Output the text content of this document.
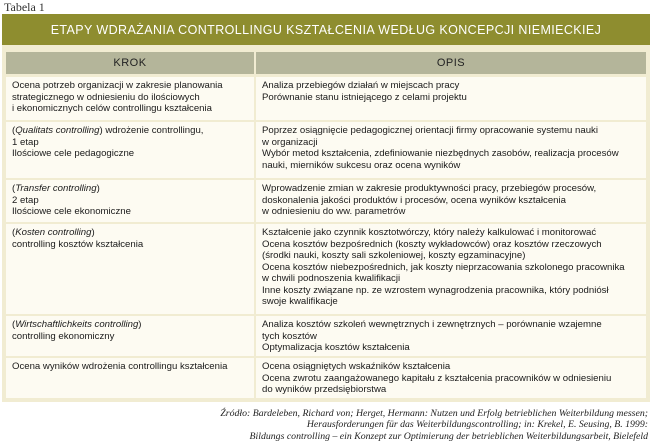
Tabela 1
ETAPY WDRAŻANIA CONTROLLINGU KSZTAŁCENIA WEDŁUG KONCEPCJI NIEMIECKIEJ
KROK	OPIS
Ocena potrzeb organizacji w zakresie planowania
strategicznego w odniesieniu do ilościowych
i ekonomicznych celów controllingu kształcenia
Analiza przebiegów działań w miejscach pracy
Porównanie stanu istniejącego z celami projektu
(Qualitats controlling) wdrożenie controllingu,
1 etap
Ilościowe cele pedagogiczne
Poprzez osiągnięcie pedagogicznej orientacji firmy opracowanie systemu nauki
w organizacji
Wybór metod kształcenia, zdefiniowanie niezbędnych zasobów, realizacja procesów
nauki, mierników sukcesu oraz ocena wyników
(Transfer controlling)
2 etap
Ilościowe cele ekonomiczne
Wprowadzenie zmian w zakresie produktywności pracy, przebiegów procesów,
doskonalenia jakości produktów i procesów, ocena wyników kształcenia
w odniesieniu do ww. parametrów
(Kosten controlling)
controlling kosztów kształcenia
Kształcenie jako czynnik kosztotwórczy, który należy kalkulować i monitorować
Ocena kosztów bezpośrednich (koszty wykładowców) oraz kosztów rzeczowych
(środki nauki, koszty sali szkoleniowej, koszty egzaminacyjne)
Ocena kosztów niebezpośrednich, jak koszty nieprzacowania szkolonego pracownika
w chwili podnoszenia kwalifikacji
Inne koszty związane np. ze wzrostem wynagrodzenia pracownika, który podniósł
swoje kwalifikacje
(Wirtschaftlichkeits controlling)
controlling ekonomiczny
Analiza kosztów szkoleń wewnętrznych i zewnętrznych – porównanie wzajemne
tych kosztów
Optymalizacja kosztów kształcenia
Ocena wyników wdrożenia controllingu kształcenia	Ocena osiągniętych wskaźników kształcenia
Ocena zwrotu zaangażowanego kapitału z kształcenia pracowników w odniesieniu
do wyników przedsiębiorstwa
Źródło: Bardeleben, Richard von; Herget, Hermann: Nutzen und Erfolg betrieblichen Weiterbildung messen;
Herausforderungen für das Weiterbildungscontrolling; in: Krekel, E. Seusing, B. 1999:
Bildungs controlling – ein Konzept zur Optimierung der betrieblichen Weiterbildungsarbeit, Bielefeld
